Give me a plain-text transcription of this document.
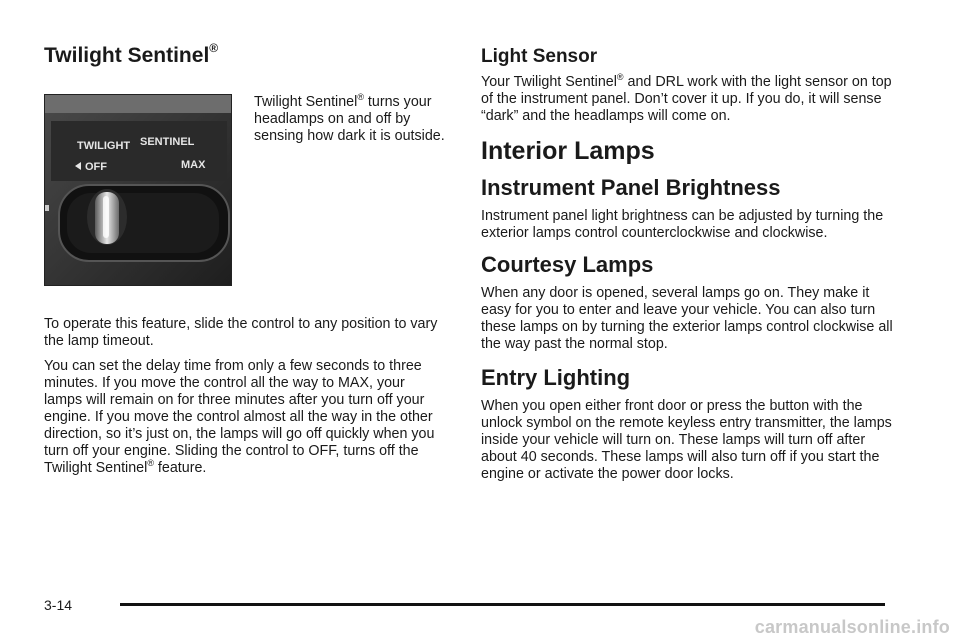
Twilight Sentinel®
TWILIGHT SENTINEL
OFF	MAX

Twilight Sentinel® turns your headlamps on and off by sensing how dark it is outside.

To operate this feature, slide the control to any position to vary the lamp timeout.

You can set the delay time from only a few seconds to three minutes. If you move the control all the way to MAX, your lamps will remain on for three minutes after you turn off your engine. If you move the control almost all the way in the other direction, so it’s just on, the lamps will go off quickly when you turn off your engine. Sliding the control to OFF, turns off the Twilight Sentinel® feature.

Light Sensor

Your Twilight Sentinel® and DRL work with the light sensor on top of the instrument panel. Don’t cover it up. If you do, it will sense “dark” and the headlamps will come on.

Interior Lamps
Instrument Panel Brightness

Instrument panel light brightness can be adjusted by turning the exterior lamps control counterclockwise and clockwise.

Courtesy Lamps

When any door is opened, several lamps go on. They make it easy for you to enter and leave your vehicle. You can also turn these lamps on by turning the exterior lamps control clockwise all the way past the normal stop.

Entry Lighting

When you open either front door or press the button with the unlock symbol on the remote keyless entry transmitter, the lamps inside your vehicle will turn on. These lamps will turn off after about 40 seconds. These lamps will also turn off if you start the engine or activate the power door locks.

3-14
carmanualsonline.info
